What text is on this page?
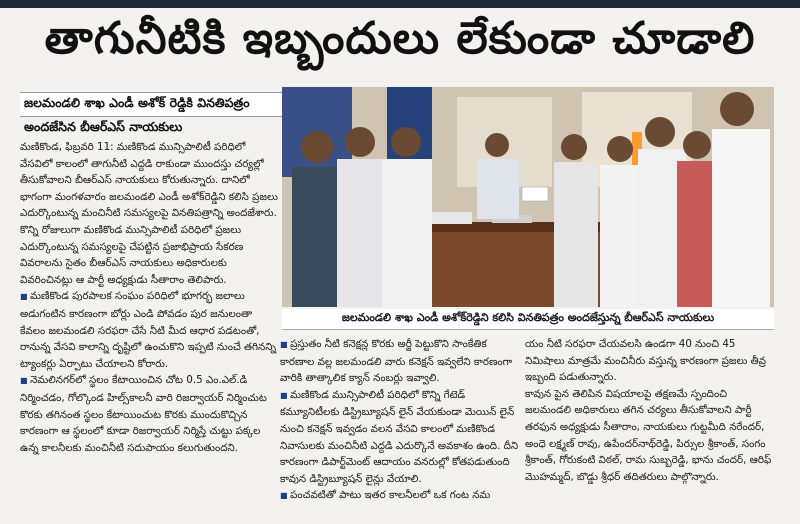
తాగునీటికి ఇబ్బందులు లేకుండా చూడాలి
జలమండలి శాఖ ఎండీ అశోక్ రెడ్డికి వినతిపత్రం
అందజేసిన బీఆర్ఎస్ నాయకులు

మణికొండ, ఫిబ్రవరి 11: మణికొండ మున్సిపాలిటీ పరిధిలో వేసవిలో కాలంలో తాగునీటి ఎద్దడి రాకుండా ముందస్తు చర్యల్లో తీసుకోవాలని బీఆర్ఎస్ నాయకులు కోరుతున్నారు. దానిలో భాగంగా మంగళవారం జలమండలి ఎండీ అశోక్‌రెడ్డిని కలిసి ప్రజలు ఎదుర్కొంటున్న మంచినీటి సమస్యలపై వినతిపత్రాన్ని అందజేశారు. కొన్ని రోజులుగా మణికొండ మున్సిపాలిటీ పరిధిలో ప్రజలు ఎదుర్కొంటున్న సమస్యలపై చేపట్టిన ప్రజాభిప్రాయ సేకరణ వివరాలను సైతం బీఆర్ఎస్ నాయకులు అధికారులకు వివరించినట్లు ఆ పార్టీ అధ్యక్షుడు సీతారాం తెలిపారు.

■ మణికొండ పురపాలక సంఘం పరిధిలో భూగర్భ జలాలు అడుగంటిన కారణంగా బోర్లు ఎండి పోవడం పుర జనులంతా కేవలం జలమండలి సరఫరా చేసే నీటి మీద ఆధార పడటంతో, రానున్న వేసవి కాలాన్ని దృష్టిలో ఉంచుకొని ఇప్పటి నుంచే తగినన్ని ట్యాంకర్లు ఏర్పాటు చేయాలని కోరారు.

■ నెమలినగర్‌లో స్థలం కేటాయించిన చోట 0.5 ఎం.ఎల్.డి నిర్మించడం, గోల్కొండ హిల్స్‌కాలనీ వారి రిజర్వాయర్ నిర్మించుట కొరకు తగినంత స్థలం కేటాయించుట కొరకు ముందుకొచ్చిన కారణంగా ఆ స్థలంలో కూడా రిజర్వాయర్ నిర్మిస్తే చుట్టు పక్కల ఉన్న కాలనీలకు మంచినీటి సదుపాయం కలుగుతుందని.

జలమండలి శాఖ ఎండీ అశోక్‌రెడ్డిని కలిసి వినతిపత్రం అందజేస్తున్న బీఆర్ఎస్ నాయకులు

■ ప్రస్తుతం నీటి కనెక్షన్ల కొరకు అర్జీ పెట్టుకొని సాంకేతిక కారణాల వల్ల జలమండలి వారు కనెక్షన్ ఇవ్వలేని కారణంగా వారికి తాత్కాలిక క్యాన్ నంబర్లు ఇవ్వాలి.

■ మణికొండ మున్సిపాలిటీ పరిధిలో కొన్ని గేటెడ్ కమ్యూనిటీలకు డిస్ట్రిబ్యూషన్ లైన్ వేయకుండా మెయిన్ లైన్ నుంచి కనెక్షన్ ఇవ్వడం వలన వేసవి కాలంలో మణికొండ నివాసులకు మంచినీటి ఎద్దడి ఎదుర్కొనే అవకాశం ఉంది. దీని కారణంగా డిపార్ట్‌మెంట్ ఆదాయం వనరుల్లో కోతపడుతుంది కావున డిస్ట్రిబ్యూషన్ లైన్లు వేయాలి.

■ పంచవటితో పాటు ఇతర కాలనీలలో ఒక గంట నమ

యం నీటి సరఫరా చేయవలసి ఉండగా 40 నుంచి 45 నిమిషాలు మాత్రమే మంచినీరు వస్తున్న కారణంగా ప్రజలు తీవ్ర ఇబ్బంది పడుతున్నారు.

కావున పైన తెలిపిన విషయాలపై తక్షణమే స్పందించి జలమండలి అధికారులు తగిన చర్యలు తీసుకోవాలని పార్టీ తరఫున అధ్యక్షుడు సీతారాం, నాయకులు గుట్టమీది నరేందర్, అంధె లక్ష్మణ్ రావు, ఉపేందర్‌నాథ్‌రెడ్డి, పిర్సుల శ్రీకాంత్, సంగం శ్రీకాంత్, గోరుకంటి విఠల్, రామ సుబ్బరెడ్డి, భాను చందర్, ఆరిఫ్ మొహమ్మద్, బొడ్డు శ్రీధర్ తదితరులు పాల్గొన్నారు.
